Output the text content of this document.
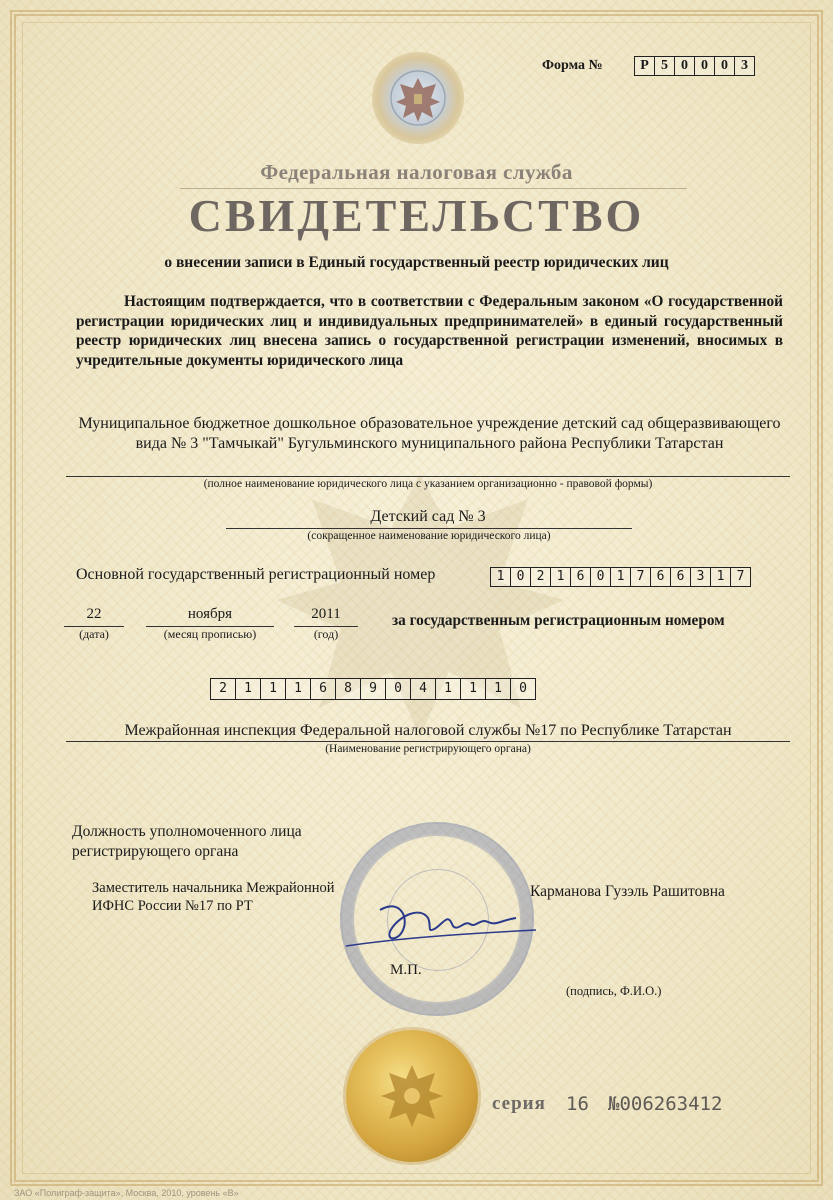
Форма №	Р 5 0 0 0 3
Федеральная налоговая служба
СВИДЕТЕЛЬСТВО
о внесении записи в Единый государственный реестр юридических лиц
Настоящим подтверждается, что в соответствии с Федеральным законом «О государственной регистрации юридических лиц и индивидуальных предпринимателей» в единый государственный реестр юридических лиц внесена запись о государственной регистрации изменений, вносимых в учредительные документы юридического лица
Муниципальное бюджетное дошкольное образовательное учреждение детский сад общеразвивающего вида № 3 "Тамчыкай" Бугульминского муниципального района Республики Татарстан
(полное наименование юридического лица с указанием организационно - правовой формы)
Детский сад № 3
(сокращенное наименование юридического лица)
Основной государственный регистрационный номер	1 0 2 1 6 0 1 7 6 6 3 1 7
22	ноября	2011
(дата)	(месяц прописью)	(год)
за государственным регистрационным номером
2	1	1	1	6	8	9	0	4	1	1	1	0
Межрайонная инспекция Федеральной налоговой службы №17 по Республике Татарстан
(Наименование регистрирующего органа)
Должность уполномоченного лица регистрирующего органа
Заместитель начальника Межрайонной ИФНС России №17 по РТ
Карманова Гузэль Рашитовна
М.П.
(подпись, Ф.И.О.)
серия 16 №006263412
ЗАО «Полиграф-защита», Москва, 2010, уровень «В»
